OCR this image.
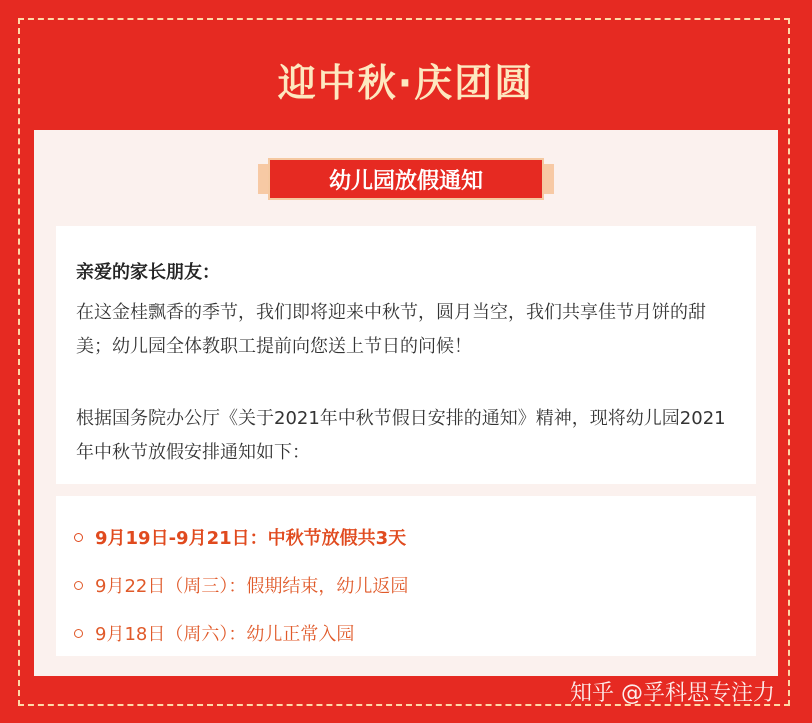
迎中秋·庆团圆
幼儿园放假通知
亲爱的家长朋友：
在这金桂飘香的季节，我们即将迎来中秋节，圆月当空，我们共享佳节月饼的甜美；幼儿园全体教职工提前向您送上节日的问候！
根据国务院办公厅《关于2021年中秋节假日安排的通知》精神，现将幼儿园2021年中秋节放假安排通知如下：
9月19日-9月21日：中秋节放假共3天
9月22日（周三）：假期结束，幼儿返园
9月18日（周六）：幼儿正常入园
知乎 @孚科思专注力
